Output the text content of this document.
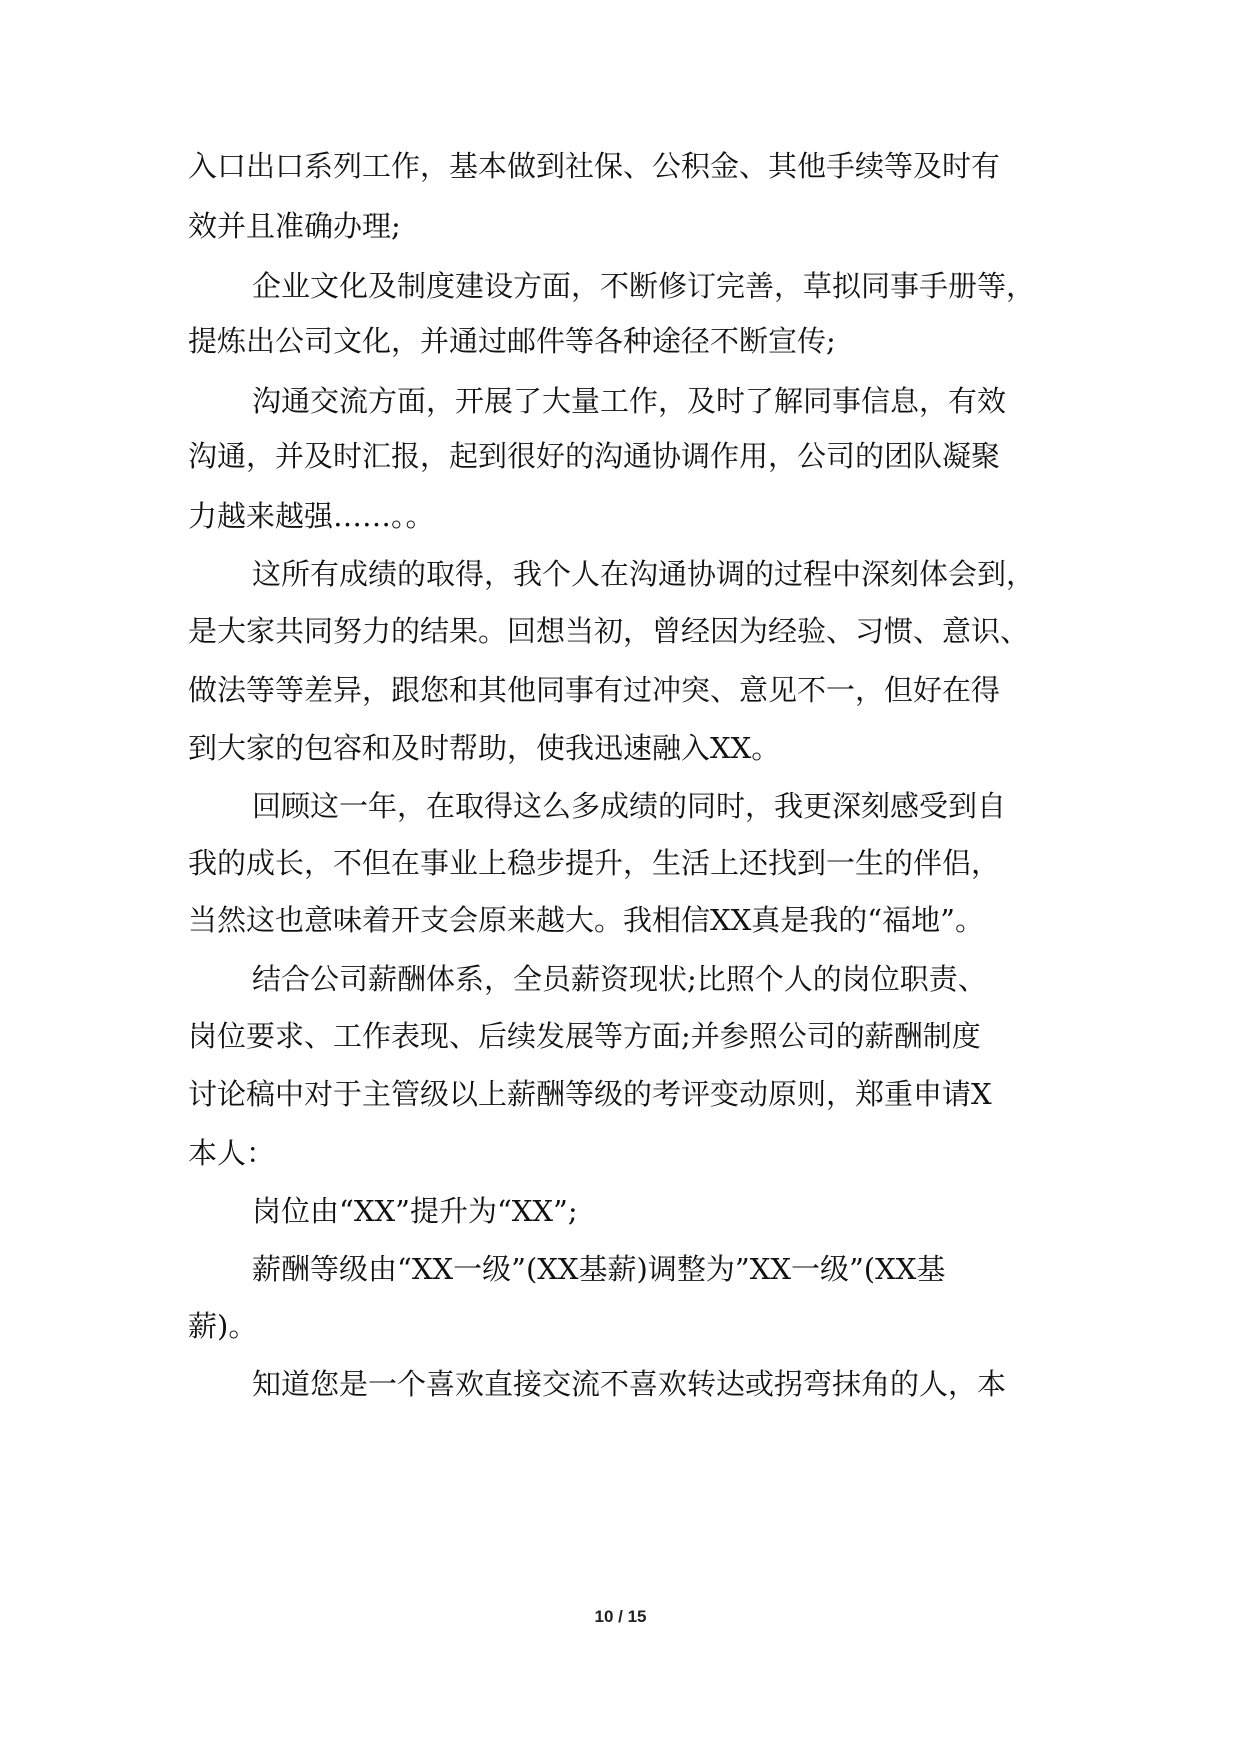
入口出口系列工作，基本做到社保、公积金、其他手续等及时有
效并且准确办理;
企业文化及制度建设方面，不断修订完善，草拟同事手册等，
提炼出公司文化，并通过邮件等各种途径不断宣传;
沟通交流方面，开展了大量工作，及时了解同事信息，有效
沟通，并及时汇报，起到很好的沟通协调作用，公司的团队凝聚
力越来越强……。。
这所有成绩的取得，我个人在沟通协调的过程中深刻体会到，
是大家共同努力的结果。回想当初，曾经因为经验、习惯、意识、
做法等等差异，跟您和其他同事有过冲突、意见不一，但好在得
到大家的包容和及时帮助，使我迅速融入XX。
回顾这一年，在取得这么多成绩的同时，我更深刻感受到自
我的成长，不但在事业上稳步提升，生活上还找到一生的伴侣，
当然这也意味着开支会原来越大。我相信XX真是我的“福地”。
结合公司薪酬体系，全员薪资现状;比照个人的岗位职责、
岗位要求、工作表现、后续发展等方面;并参照公司的薪酬制度
讨论稿中对于主管级以上薪酬等级的考评变动原则，郑重申请X
本人：
岗位由“XX”提升为“XX”;
薪酬等级由“XX一级”(XX基薪)调整为”XX一级”(XX基
薪)。
知道您是一个喜欢直接交流不喜欢转达或拐弯抹角的人，本
10 / 15
